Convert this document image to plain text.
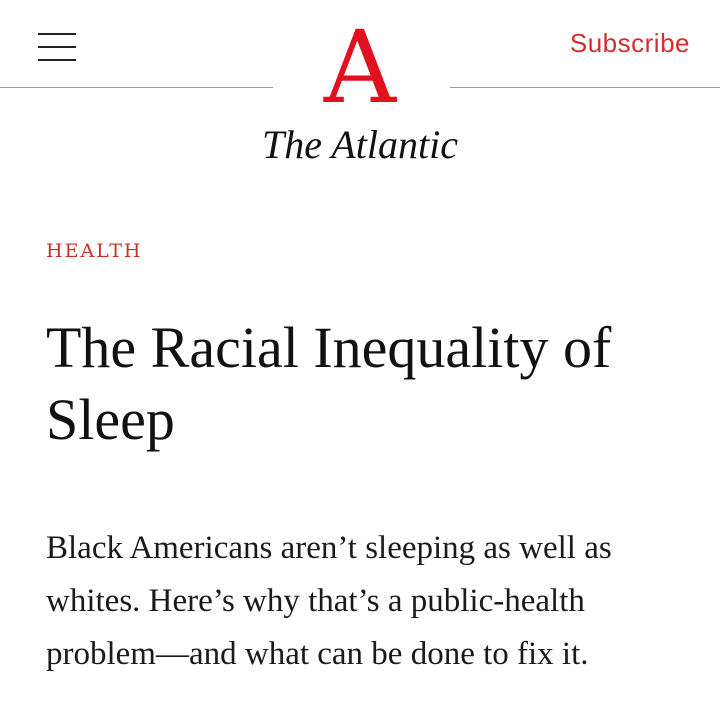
Subscribe
A
The Atlantic
HEALTH
The Racial Inequality of Sleep

Black Americans aren’t sleeping as well as whites. Here’s why that’s a public-health problem—and what can be done to fix it.
